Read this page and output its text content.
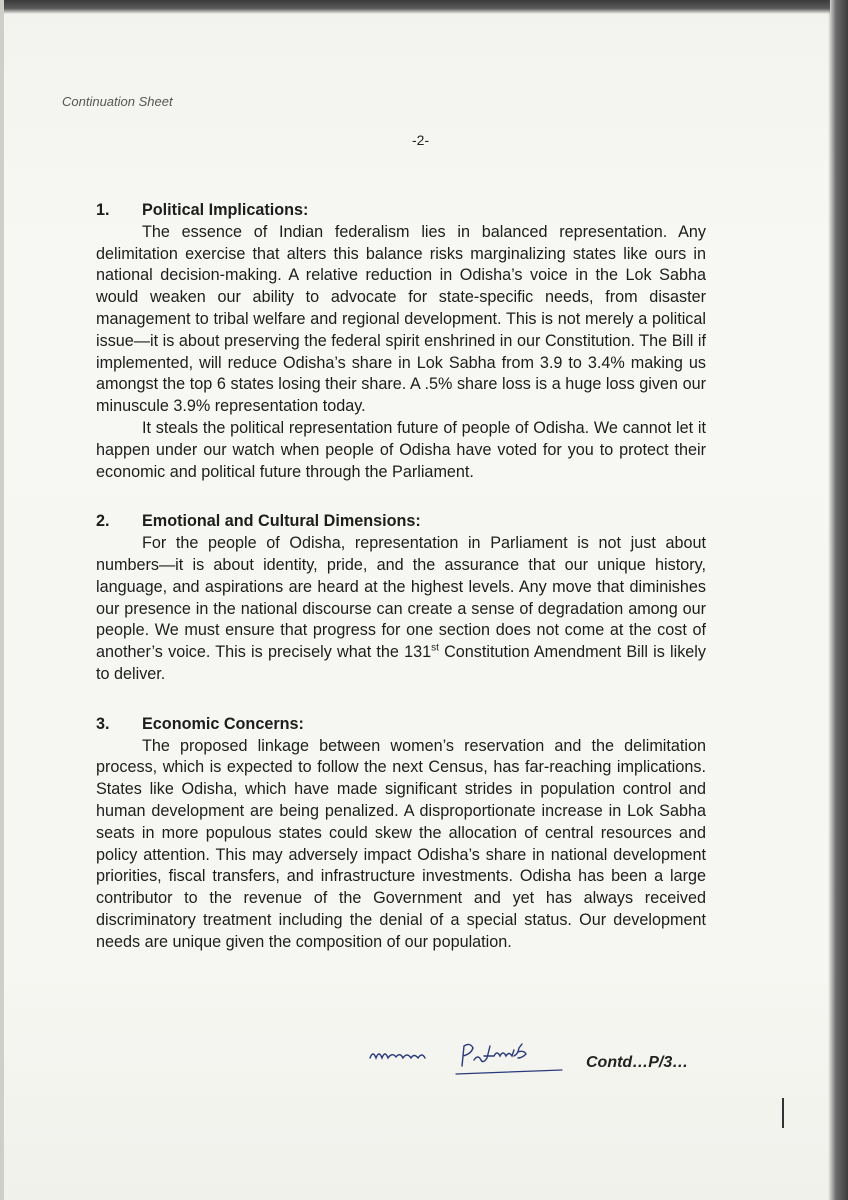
Continuation Sheet
-2-
1.	Political Implications:

The essence of Indian federalism lies in balanced representation. Any delimitation exercise that alters this balance risks marginalizing states like ours in national decision-making. A relative reduction in Odisha’s voice in the Lok Sabha would weaken our ability to advocate for state-specific needs, from disaster management to tribal welfare and regional development. This is not merely a political issue—it is about preserving the federal spirit enshrined in our Constitution. The Bill if implemented, will reduce Odisha’s share in Lok Sabha from 3.9 to 3.4% making us amongst the top 6 states losing their share. A .5% share loss is a huge loss given our minuscule 3.9% representation today.

It steals the political representation future of people of Odisha. We cannot let it happen under our watch when people of Odisha have voted for you to protect their economic and political future through the Parliament.

2.	Emotional and Cultural Dimensions:

For the people of Odisha, representation in Parliament is not just about numbers—it is about identity, pride, and the assurance that our unique history, language, and aspirations are heard at the highest levels. Any move that diminishes our presence in the national discourse can create a sense of degradation among our people. We must ensure that progress for one section does not come at the cost of another’s voice. This is precisely what the 131st Constitution Amendment Bill is likely to deliver.

3.	Economic Concerns:

The proposed linkage between women’s reservation and the delimitation process, which is expected to follow the next Census, has far-reaching implications. States like Odisha, which have made significant strides in population control and human development are being penalized. A disproportionate increase in Lok Sabha seats in more populous states could skew the allocation of central resources and policy attention. This may adversely impact Odisha’s share in national development priorities, fiscal transfers, and infrastructure investments. Odisha has been a large contributor to the revenue of the Government and yet has always received discriminatory treatment including the denial of a special status. Our development needs are unique given the composition of our population.

Contd…P/3…
